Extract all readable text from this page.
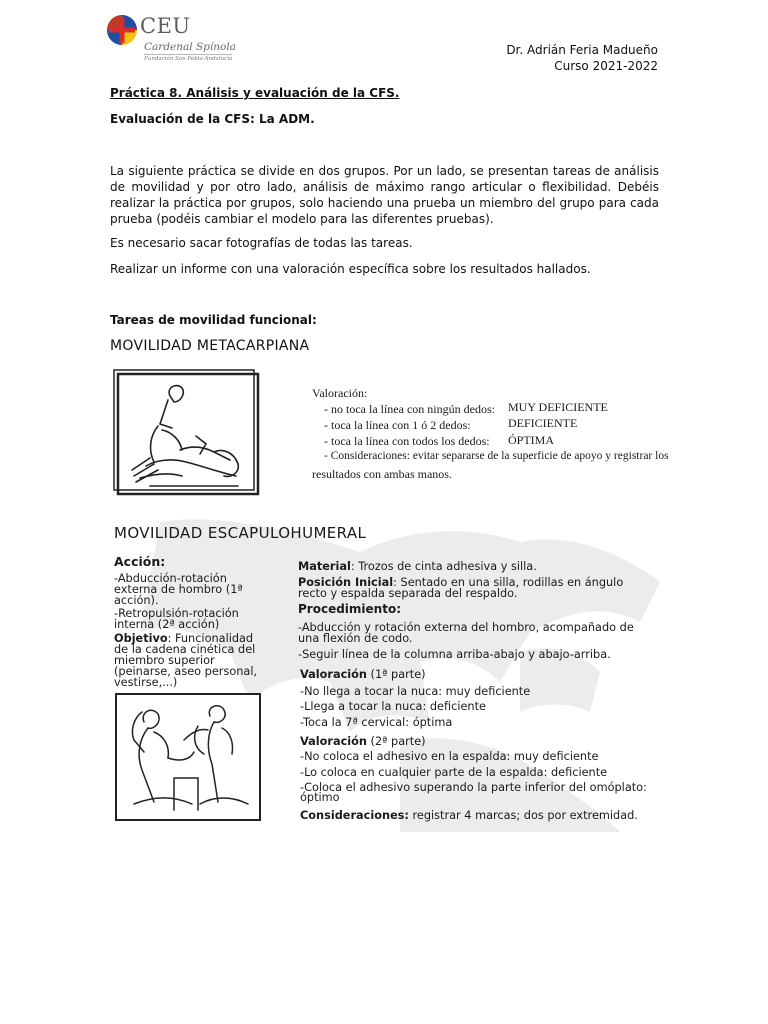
CEU
Cardenal Spínola
Fundación San Pablo Andalucía
Dr. Adrián Feria Madueño
Curso 2021-2022
Práctica 8. Análisis y evaluación de la CFS.
Evaluación de la CFS: La ADM.
La siguiente práctica se divide en dos grupos. Por un lado, se presentan tareas de análisis de movilidad y por otro lado, análisis de máximo rango articular o flexibilidad. Debéis realizar la práctica por grupos, solo haciendo una prueba un miembro del grupo para cada prueba (podéis cambiar el modelo para las diferentes pruebas).
Es necesario sacar fotografías de todas las tareas.
Realizar un informe con una valoración específica sobre los resultados hallados.
Tareas de movilidad funcional:
MOVILIDAD METACARPIANA
Valoración:
- no toca la línea con ningún dedos: MUY DEFICIENTE
- toca la línea con 1 ó 2 dedos:	DEFICIENTE
- toca la línea con todos los dedos: ÓPTIMA
- Consideraciones: evitar separarse de la superficie de apoyo y registrar los
resultados con ambas manos.
MOVILIDAD ESCAPULOHUMERAL
Acción:
-Abducción-rotación
externa de hombro (1ª
acción).
-Retropulsión-rotación
interna (2ª acción)
Objetivo: Funcionalidad
de la cadena cinética del
miembro superior
(peinarse, aseo personal,
vestirse,...)
Material: Trozos de cinta adhesiva y silla.
Posición Inicial: Sentado en una silla, rodillas en ángulo
recto y espalda separada del respaldo.
Procedimiento:
-Abducción y rotación externa del hombro, acompañado de
una flexión de codo.
-Seguir línea de la columna arriba-abajo y abajo-arriba.
Valoración (1ª parte)
-No llega a tocar la nuca: muy deficiente
-Llega a tocar la nuca: deficiente
-Toca la 7ª cervical: óptima
Valoración (2ª parte)
-No coloca el adhesivo en la espalda: muy deficiente
-Lo coloca en cualquier parte de la espalda: deficiente
-Coloca el adhesivo superando la parte inferior del omóplato:
óptimo
Consideraciones: registrar 4 marcas; dos por extremidad.
